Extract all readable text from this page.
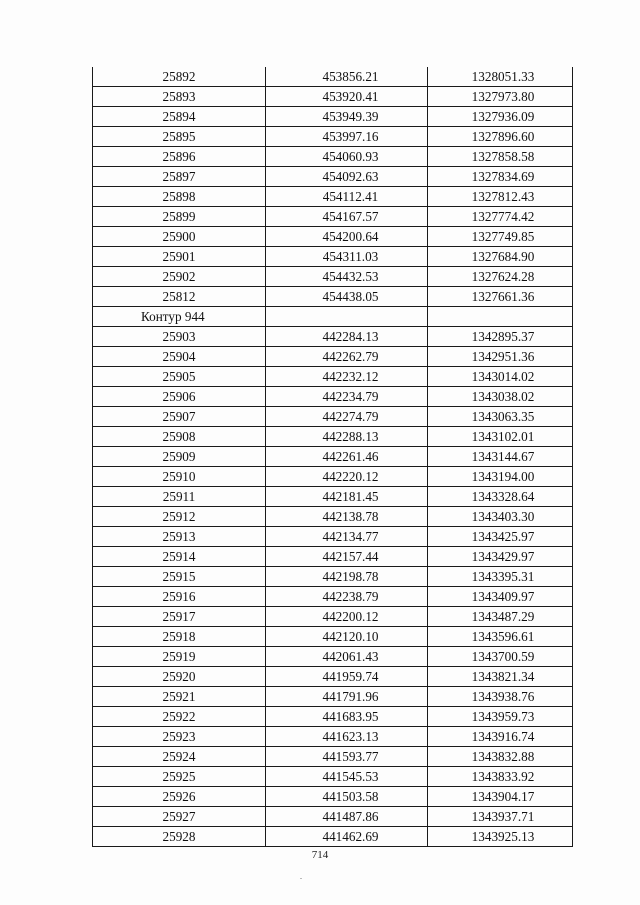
25892	453856.21	1328051.33
25893	453920.41	1327973.80
25894	453949.39	1327936.09
25895	453997.16	1327896.60
25896	454060.93	1327858.58
25897	454092.63	1327834.69
25898	454112.41	1327812.43
25899	454167.57	1327774.42
25900	454200.64	1327749.85
25901	454311.03	1327684.90
25902	454432.53	1327624.28
25812	454438.05	1327661.36
Контур 944		
25903	442284.13	1342895.37
25904	442262.79	1342951.36
25905	442232.12	1343014.02
25906	442234.79	1343038.02
25907	442274.79	1343063.35
25908	442288.13	1343102.01
25909	442261.46	1343144.67
25910	442220.12	1343194.00
25911	442181.45	1343328.64
25912	442138.78	1343403.30
25913	442134.77	1343425.97
25914	442157.44	1343429.97
25915	442198.78	1343395.31
25916	442238.79	1343409.97
25917	442200.12	1343487.29
25918	442120.10	1343596.61
25919	442061.43	1343700.59
25920	441959.74	1343821.34
25921	441791.96	1343938.76
25922	441683.95	1343959.73
25923	441623.13	1343916.74
25924	441593.77	1343832.88
25925	441545.53	1343833.92
25926	441503.58	1343904.17
25927	441487.86	1343937.71
25928	441462.69	1343925.13
714
